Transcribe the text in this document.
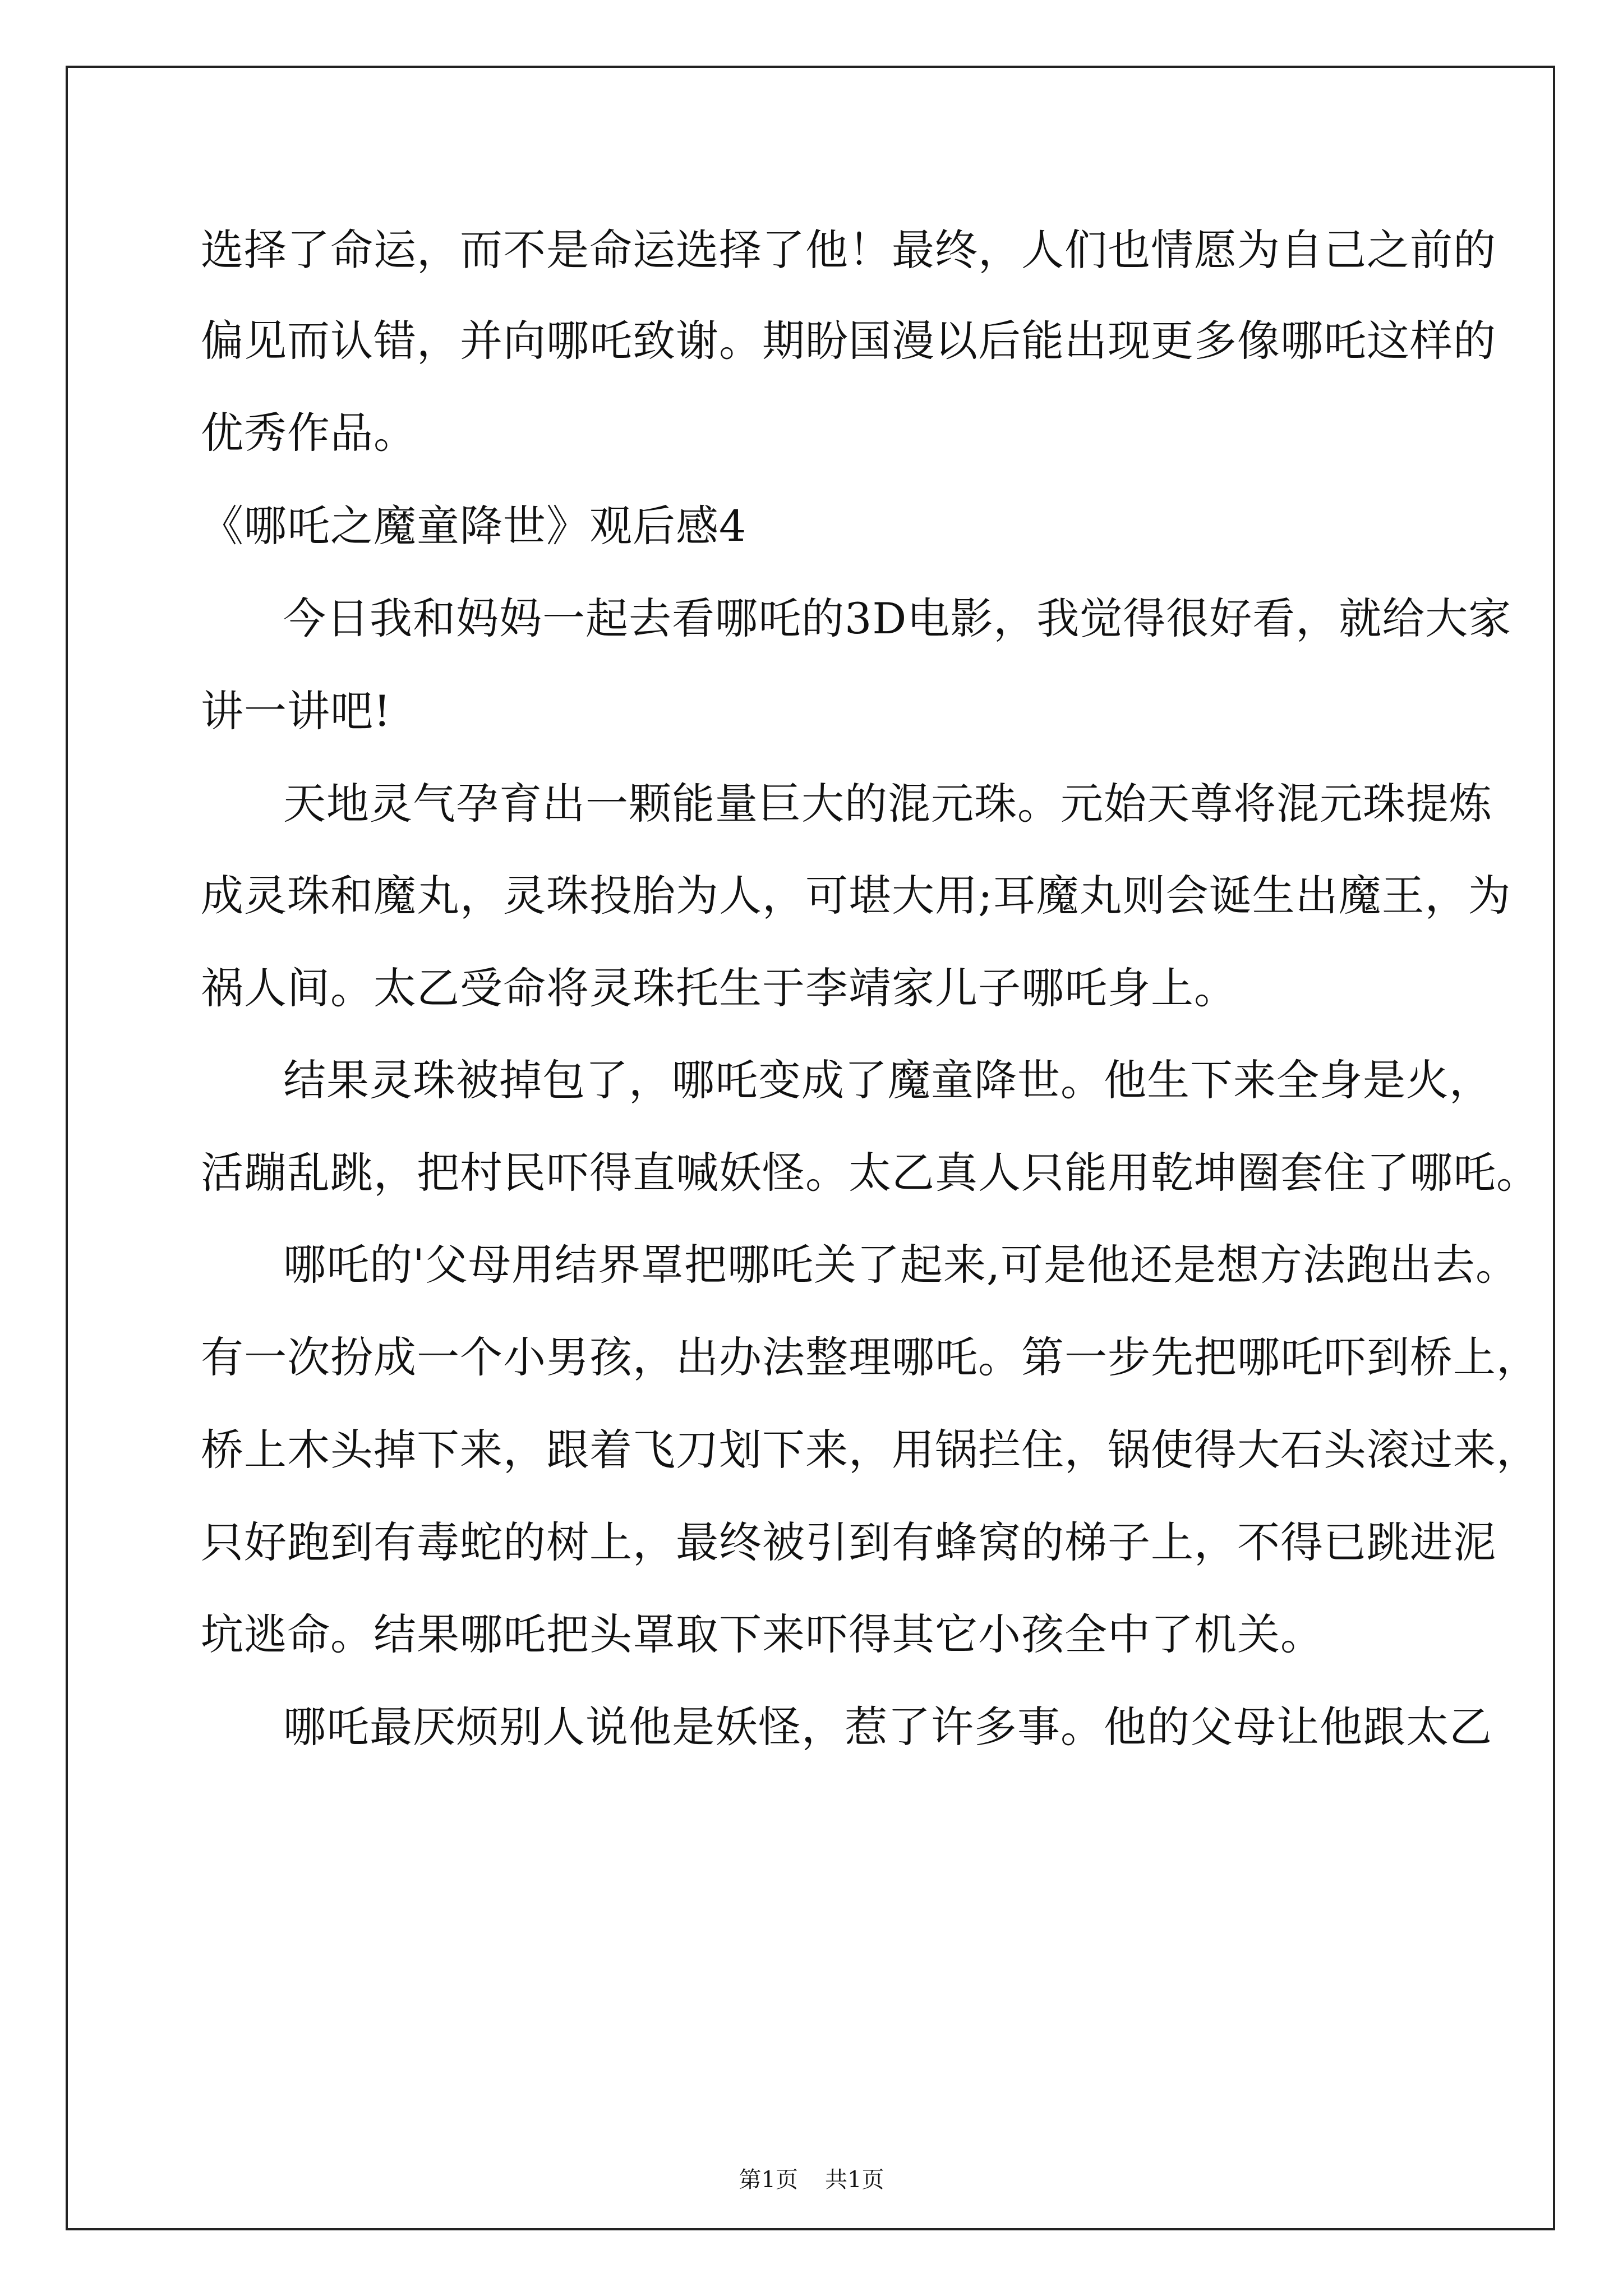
选择了命运，而不是命运选择了他！最终，人们也情愿为自己之前的
偏见而认错，并向哪吒致谢。期盼国漫以后能出现更多像哪吒这样的
优秀作品。
《哪吒之魔童降世》观后感4
今日我和妈妈一起去看哪吒的3D电影，我觉得很好看，就给大家
讲一讲吧!
天地灵气孕育出一颗能量巨大的混元珠。元始天尊将混元珠提炼
成灵珠和魔丸，灵珠投胎为人，可堪大用;耳魔丸则会诞生出魔王，为
祸人间。太乙受命将灵珠托生于李靖家儿子哪吒身上。
结果灵珠被掉包了，哪吒变成了魔童降世。他生下来全身是火，
活蹦乱跳，把村民吓得直喊妖怪。太乙真人只能用乾坤圈套住了哪吒。
哪吒的'父母用结界罩把哪吒关了起来,可是他还是想方法跑出去。
有一次扮成一个小男孩，出办法整理哪吒。第一步先把哪吒吓到桥上，
桥上木头掉下来，跟着飞刀划下来，用锅拦住，锅使得大石头滚过来，
只好跑到有毒蛇的树上，最终被引到有蜂窝的梯子上，不得已跳进泥
坑逃命。结果哪吒把头罩取下来吓得其它小孩全中了机关。
哪吒最厌烦别人说他是妖怪，惹了许多事。他的父母让他跟太乙
第1页 共1页
